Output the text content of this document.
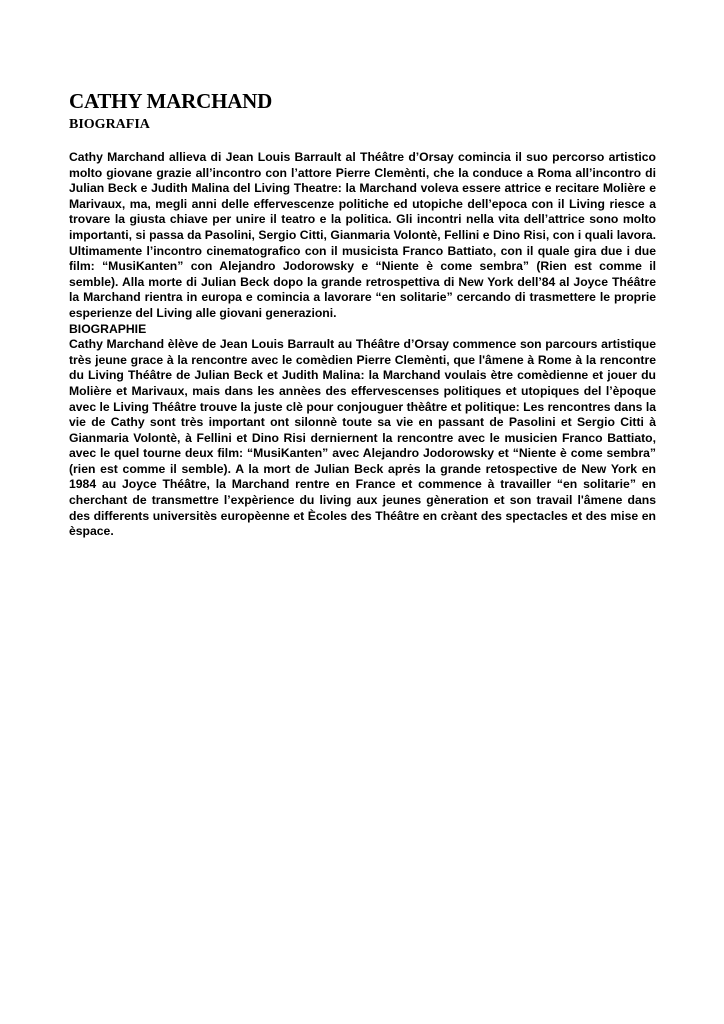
CATHY MARCHAND
BIOGRAFIA

Cathy Marchand allieva di Jean Louis Barrault al Théâtre d’Orsay comincia il suo percorso artistico molto giovane grazie all’incontro con l’attore Pierre Clemènti, che la conduce a Roma all’incontro di Julian Beck e Judith Malina del Living Theatre: la Marchand voleva essere attrice e recitare Molière e Marivaux, ma, megli anni delle effervescenze politiche ed utopiche dell’epoca con il Living riesce a trovare la giusta chiave per unire il teatro e la politica. Gli incontri nella vita dell’attrice sono molto importanti, si passa da Pasolini, Sergio Citti, Gianmaria Volontè, Fellini e Dino Risi, con i quali lavora. Ultimamente l’incontro cinematografico con il musicista Franco Battiato, con il quale gira due i due film: “MusiKanten” con Alejandro Jodorowsky e “Niente è come sembra” (Rien est comme il semble). Alla morte di Julian Beck dopo la grande retrospettiva di New York dell’84 al Joyce Théâtre la Marchand rientra in europa e comincia a lavorare “en solitarie” cercando di trasmettere le proprie esperienze del Living alle giovani generazioni.

BIOGRAPHIE

Cathy Marchand èlève de Jean Louis Barrault au Théâtre d’Orsay commence son parcours artistique très jeune grace à la rencontre avec le comèdien Pierre Clemènti, que l'âmene à Rome à la rencontre du Living Théâtre de Julian Beck et Judith Malina: la Marchand voulais ètre comèdienne et jouer du Molière et Marivaux, mais dans les annèes des effervescenses politiques et utopiques del l’èpoque avec le Living Théâtre trouve la juste clè pour conjouguer thèâtre et politique: Les rencontres dans la vie de Cathy sont très important ont silonnè toute sa vie en passant de Pasolini et Sergio Citti à Gianmaria Volontè, à Fellini et Dino Risi derniernent la rencontre avec le musicien Franco Battiato, avec le quel tourne deux film: “MusiKanten” avec Alejandro Jodorowsky et “Niente è come sembra” (rien est comme il semble). A la mort de Julian Beck aprės la grande retospective de New York en 1984 au Joyce Théâtre, la Marchand rentre en France et commence à travailler “en solitarie” en cherchant de transmettre l’expèrience du living aux jeunes gèneration et son travail l'âmene dans des differents universitès europèenne et Ècoles des Théâtre en crèant des spectacles et des mise en èspace.
